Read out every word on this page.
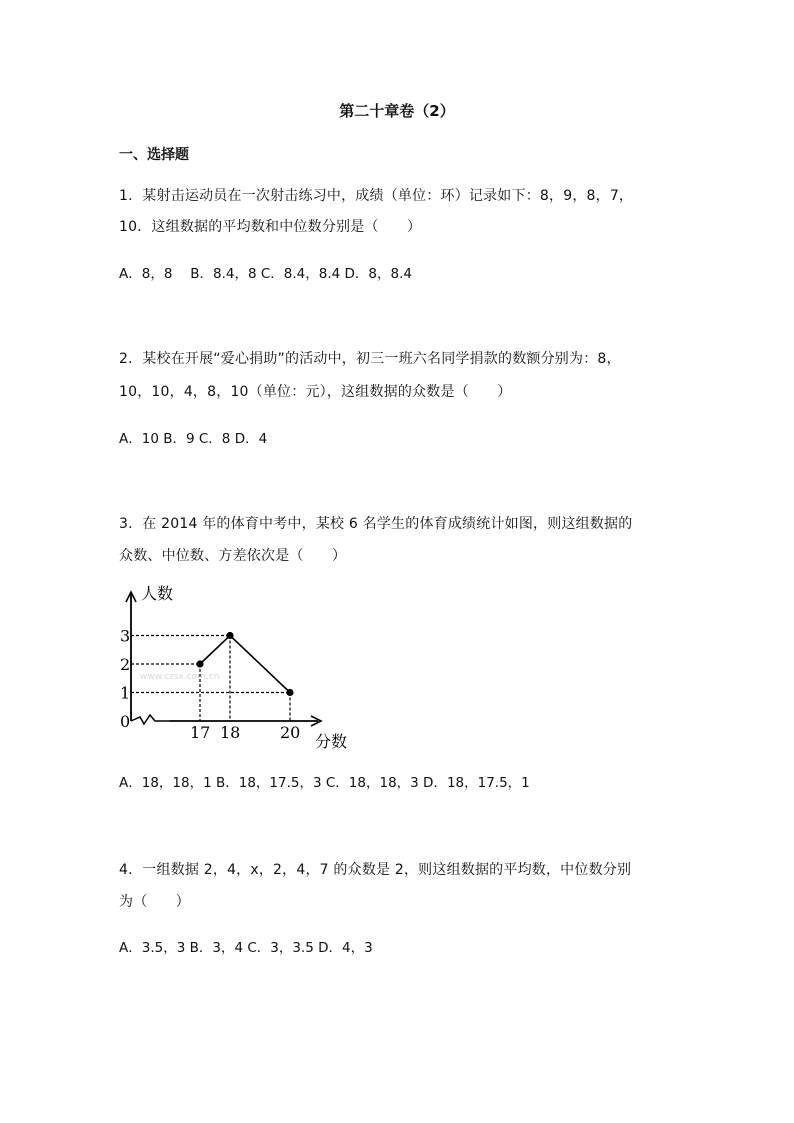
第二十章卷（2）
一、选择题
1．某射击运动员在一次射击练习中，成绩（单位：环）记录如下：8，9，8，7，
10．这组数据的平均数和中位数分别是（　　）
A．8，8　 B．8.4，8 C．8.4，8.4 D．8，8.4
2．某校在开展“爱心捐助”的活动中，初三一班六名同学捐款的数额分别为：8，
10，10，4，8，10（单位：元），这组数据的众数是（　　）
A．10 B．9 C．8 D．4
3．在 2014 年的体育中考中，某校 6 名学生的体育成绩统计如图，则这组数据的
众数、中位数、方差依次是（　　）
www.czsx.com.cn
0
1
2
3
17 18 20
人数
分数
A．18，18，1 B．18，17.5，3 C．18，18，3 D．18，17.5，1
4．一组数据 2，4，x，2，4，7 的众数是 2，则这组数据的平均数，中位数分别
为（　　）
A．3.5，3 B．3，4 C．3，3.5 D．4，3
